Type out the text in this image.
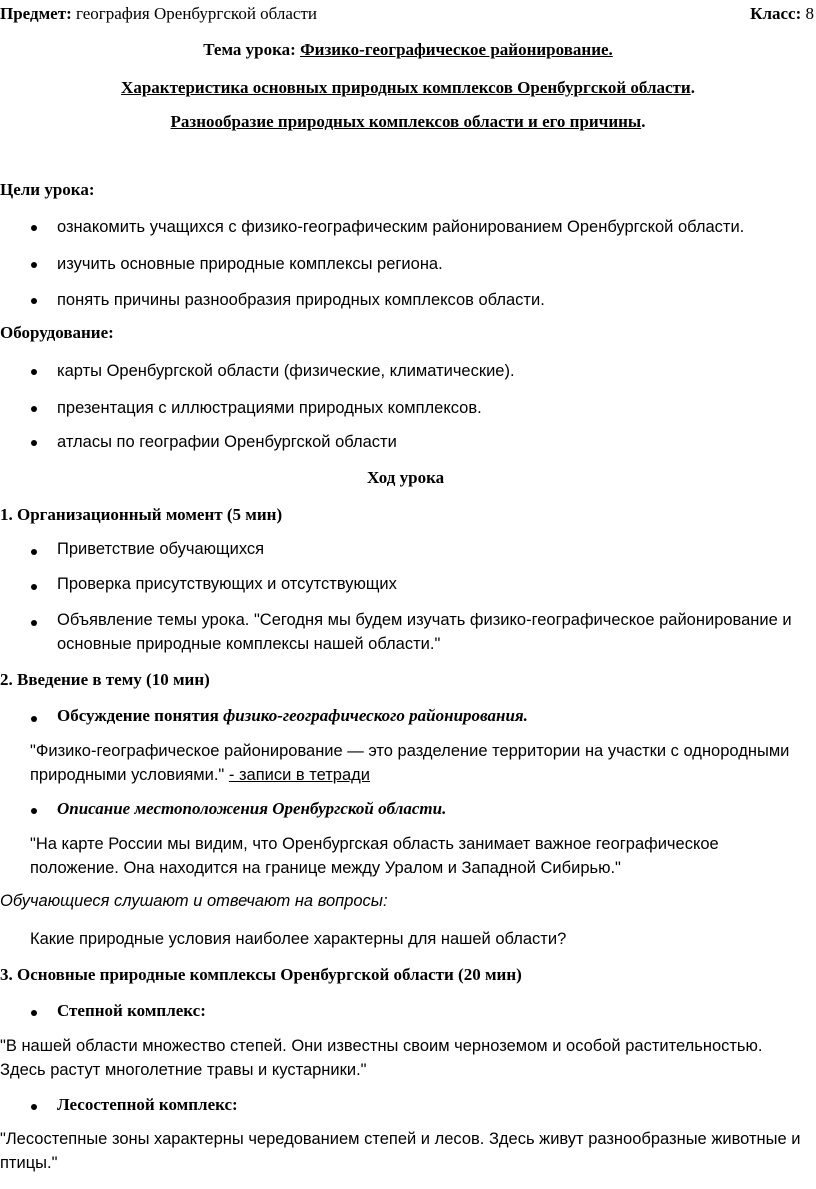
Предмет: география Оренбургской области	Класс: 8
Тема урока: Физико-географическое районирование.
Характеристика основных природных комплексов Оренбургской области.
Разнообразие природных комплексов области и его причины.
Цели урока:
ознакомить учащихся с физико-географическим районированием Оренбургской области.
изучить основные природные комплексы региона.
понять причины разнообразия природных комплексов области.
Оборудование:
карты Оренбургской области (физические, климатические).
презентация с иллюстрациями природных комплексов.
атласы по географии Оренбургской области
Ход урока
1. Организационный момент (5 мин)
Приветствие обучающихся
Проверка присутствующих и отсутствующих
Объявление темы урока. "Сегодня мы будем изучать физико-географическое районирование и основные природные комплексы нашей области."
2. Введение в тему (10 мин)
Обсуждение понятия физико-географического районирования.
"Физико-географическое районирование — это разделение территории на участки с однородными природными условиями." - записи в тетради
Описание местоположения Оренбургской области.
"На карте России мы видим, что Оренбургская область занимает важное географическое положение. Она находится на границе между Уралом и Западной Сибирью."
Обучающиеся слушают и отвечают на вопросы:
Какие природные условия наиболее характерны для нашей области?
3. Основные природные комплексы Оренбургской области (20 мин)
Степной комплекс:
"В нашей области множество степей. Они известны своим черноземом и особой растительностью. Здесь растут многолетние травы и кустарники."
Лесостепной комплекс:
"Лесостепные зоны характерны чередованием степей и лесов. Здесь живут разнообразные животные и птицы."
